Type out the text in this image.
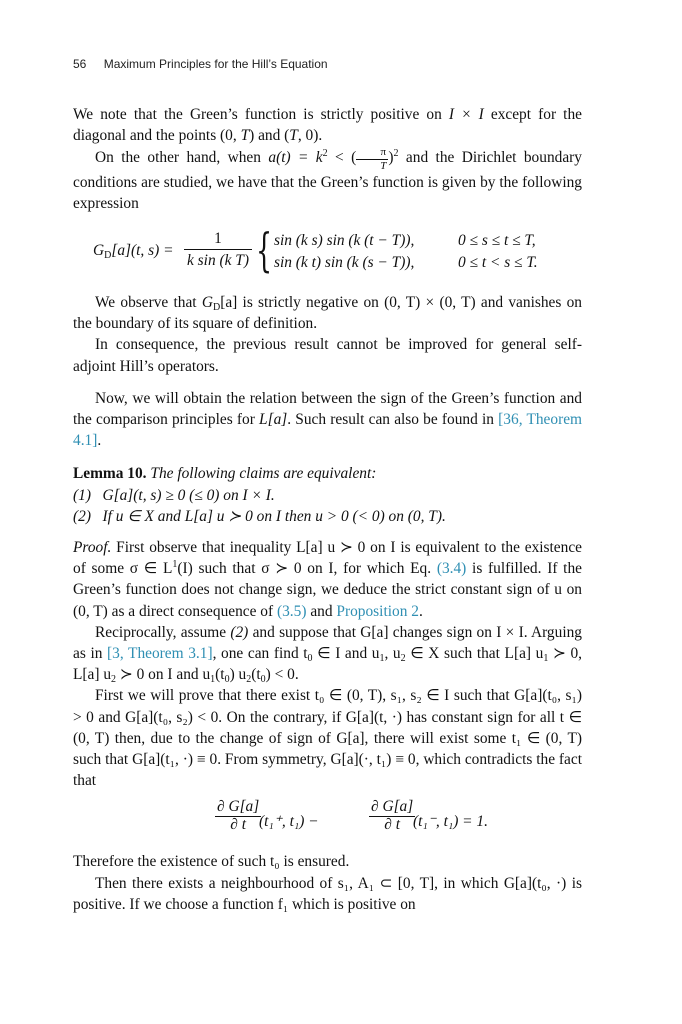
56 Maximum Principles for the Hill’s Equation

We note that the Green’s function is strictly positive on I × I except for the diagonal and the points (0, T) and (T, 0).

On the other hand, when $a(t) = k^2$ < ( $\frac{\pi}{T} )^2$ and the Dirichlet boundary conditions are studied, we have that the Green’s function is given by the following expression

$G_D[a](t$, $s) = \frac{1}{\text{k sin (k T)}}$ { sin (k s) sin (k (t − T)),	0 ≤ s ≤ t ≤ T,
sin (k t) sin (k (s − T)),	0 ≤ t < s ≤ T.

We observe that $G_D[a]$ is strictly negative on (0, T) × (0, T) and vanishes on the boundary of its square of definition.

In consequence, the previous result cannot be improved for general self-adjoint Hill’s operators.

Now, we will obtain the relation between the sign of the Green’s function and the comparison principles for L[a]. Such result can also be found in [36, Theorem 4.1].

Lemma 10. The following claims are equivalent:

(1) G[a](t, s) ≥ 0 (≤ 0) on I × I.

(2) If u ∈ X and L[a] u ≻ 0 on I then u > 0 (< 0) on (0, T).

Proof. First observe that inequality L[a] u ≻ 0 on I is equivalent to the existence of some σ ∈ $L^1(I)$ such that σ ≻ 0 on I, for which Eq. (3.4) is fulfilled. If the Green’s function does not change sign, we deduce the strict constant sign of u on (0, T) as a direct consequence of (3.5) and Proposition 2.

Reciprocally, assume (2) and suppose that G[a] changes sign on I × I. Arguing as in [3, Theorem 3.1], one can find $t_0$ ∈ I and $u_1$, $u_2$ ∈ X such that L[a] $u_1$ ≻ 0, L[a] $u_2$ ≻ 0 on I and $u_1(t_0) u_2(t_0) < 0$.

First we will prove that there exist t₀ ∈ (0, T), s₁, s₂ ∈ I such that G[a](t₀, s₁) > 0 and G[a](t₀, s₂) < 0. On the contrary, if G[a](t, ·) has constant sign for all t ∈ (0, T) then, due to the change of sign of G[a], there will exist some t₁ ∈ (0, T) such that G[a](t₁, ·) ≡ 0. From symmetry, G[a](·, t₁) ≡ 0, which contradicts the fact that

$\frac{\partial G[a]}{\partial t}$
(t₁⁺, t₁) −	$\frac{\partial G[a]}{\partial t}$
(t₁⁻, t₁) = 1.

Therefore the existence of such t₀ is ensured.

Then there exists a neighbourhood of s₁, A₁ ⊂ [0, T], in which G[a](t₀, ·) is positive. If we choose a function f₁ which is positive on
